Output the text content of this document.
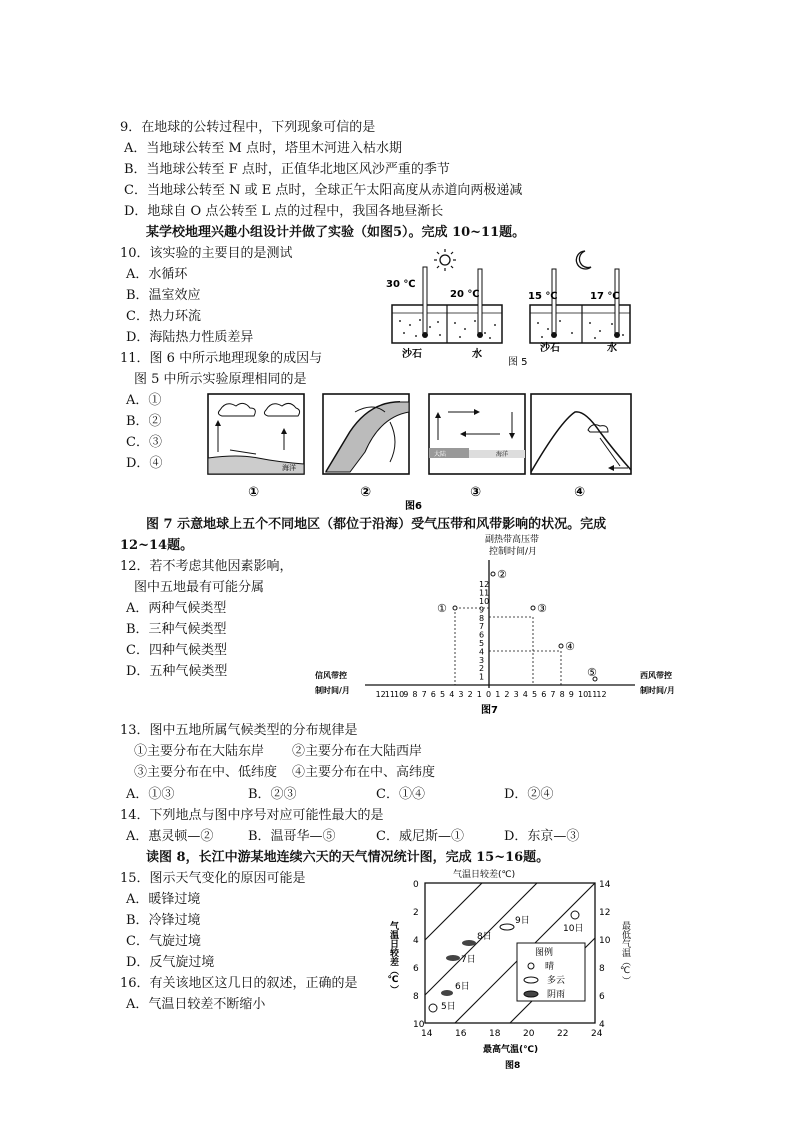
9．在地球的公转过程中，下列现象可信的是
A．当地球公转至 M 点时，塔里木河进入枯水期
B．当地球公转至 F 点时，正值华北地区风沙严重的季节
C．当地球公转至 N 或 E 点时，全球正午太阳高度从赤道向两极递减
D．地球自 O 点公转至 L 点的过程中，我国各地昼渐长
某学校地理兴趣小组设计并做了实验（如图5）。完成 10~11题。
10．该实验的主要目的是测试
A．水循环
B．温室效应
C．热力环流
D．海陆热力性质差异
30 ℃
20 ℃
沙石	水
15 ℃	17 ℃
沙石	水
图 5
11．图 6 中所示地理现象的成因与
图 5 中所示实验原理相同的是
A．①
B．②
C．③
D．④	海洋
大陆	海洋
①	②	③	④
图6
图 7 示意地球上五个不同地区（都位于沿海）受气压带和风带影响的状况。完成
12~14题。
12．若不考虑其他因素影响，
图中五地最有可能分属
A．两种气候类型
B．三种气候类型
C．四种气候类型
D．五种气候类型
副热带高压带
控制时间/月
1 1
1
2	2
2
3	3
3
4	4
4
5	5
5
6	6
6
7	7
7
8	8
8
9	9
9
10	10
10
11	11
11
12	12
12
0
信风带控
制时间/月
西风带控
制时间/月
①
②
③
④
⑤
图7
13．图中五地所属气候类型的分布规律是
①主要分布在大陆东岸 ②主要分布在大陆西岸
③主要分布在中、低纬度 ④主要分布在中、高纬度
A．①③	B．②③	C．①④	D．②④
14．下列地点与图中序号对应可能性最大的是
A．惠灵顿—②	B．温哥华—⑤	C．威尼斯—①	D．东京—③
读图 8，长江中游某地连续六天的天气情况统计图，完成 15~16题。
15．图示天气变化的原因可能是
A．暖锋过境
B．冷锋过境
C．气旋过境
D．反气旋过境
16．有关该地区这几日的叙述，正确的是
A．气温日较差不断缩小
气温日较差(℃)
14	16	18	20	22	24
0
2
4
6
8
10
14
12
10
8
6
4
图例
晴
多云
阴雨
5日
6日
7日
8日
9日
10日
气温日较差（℃）	最低气温（℃）
最高气温(℃)
图8
